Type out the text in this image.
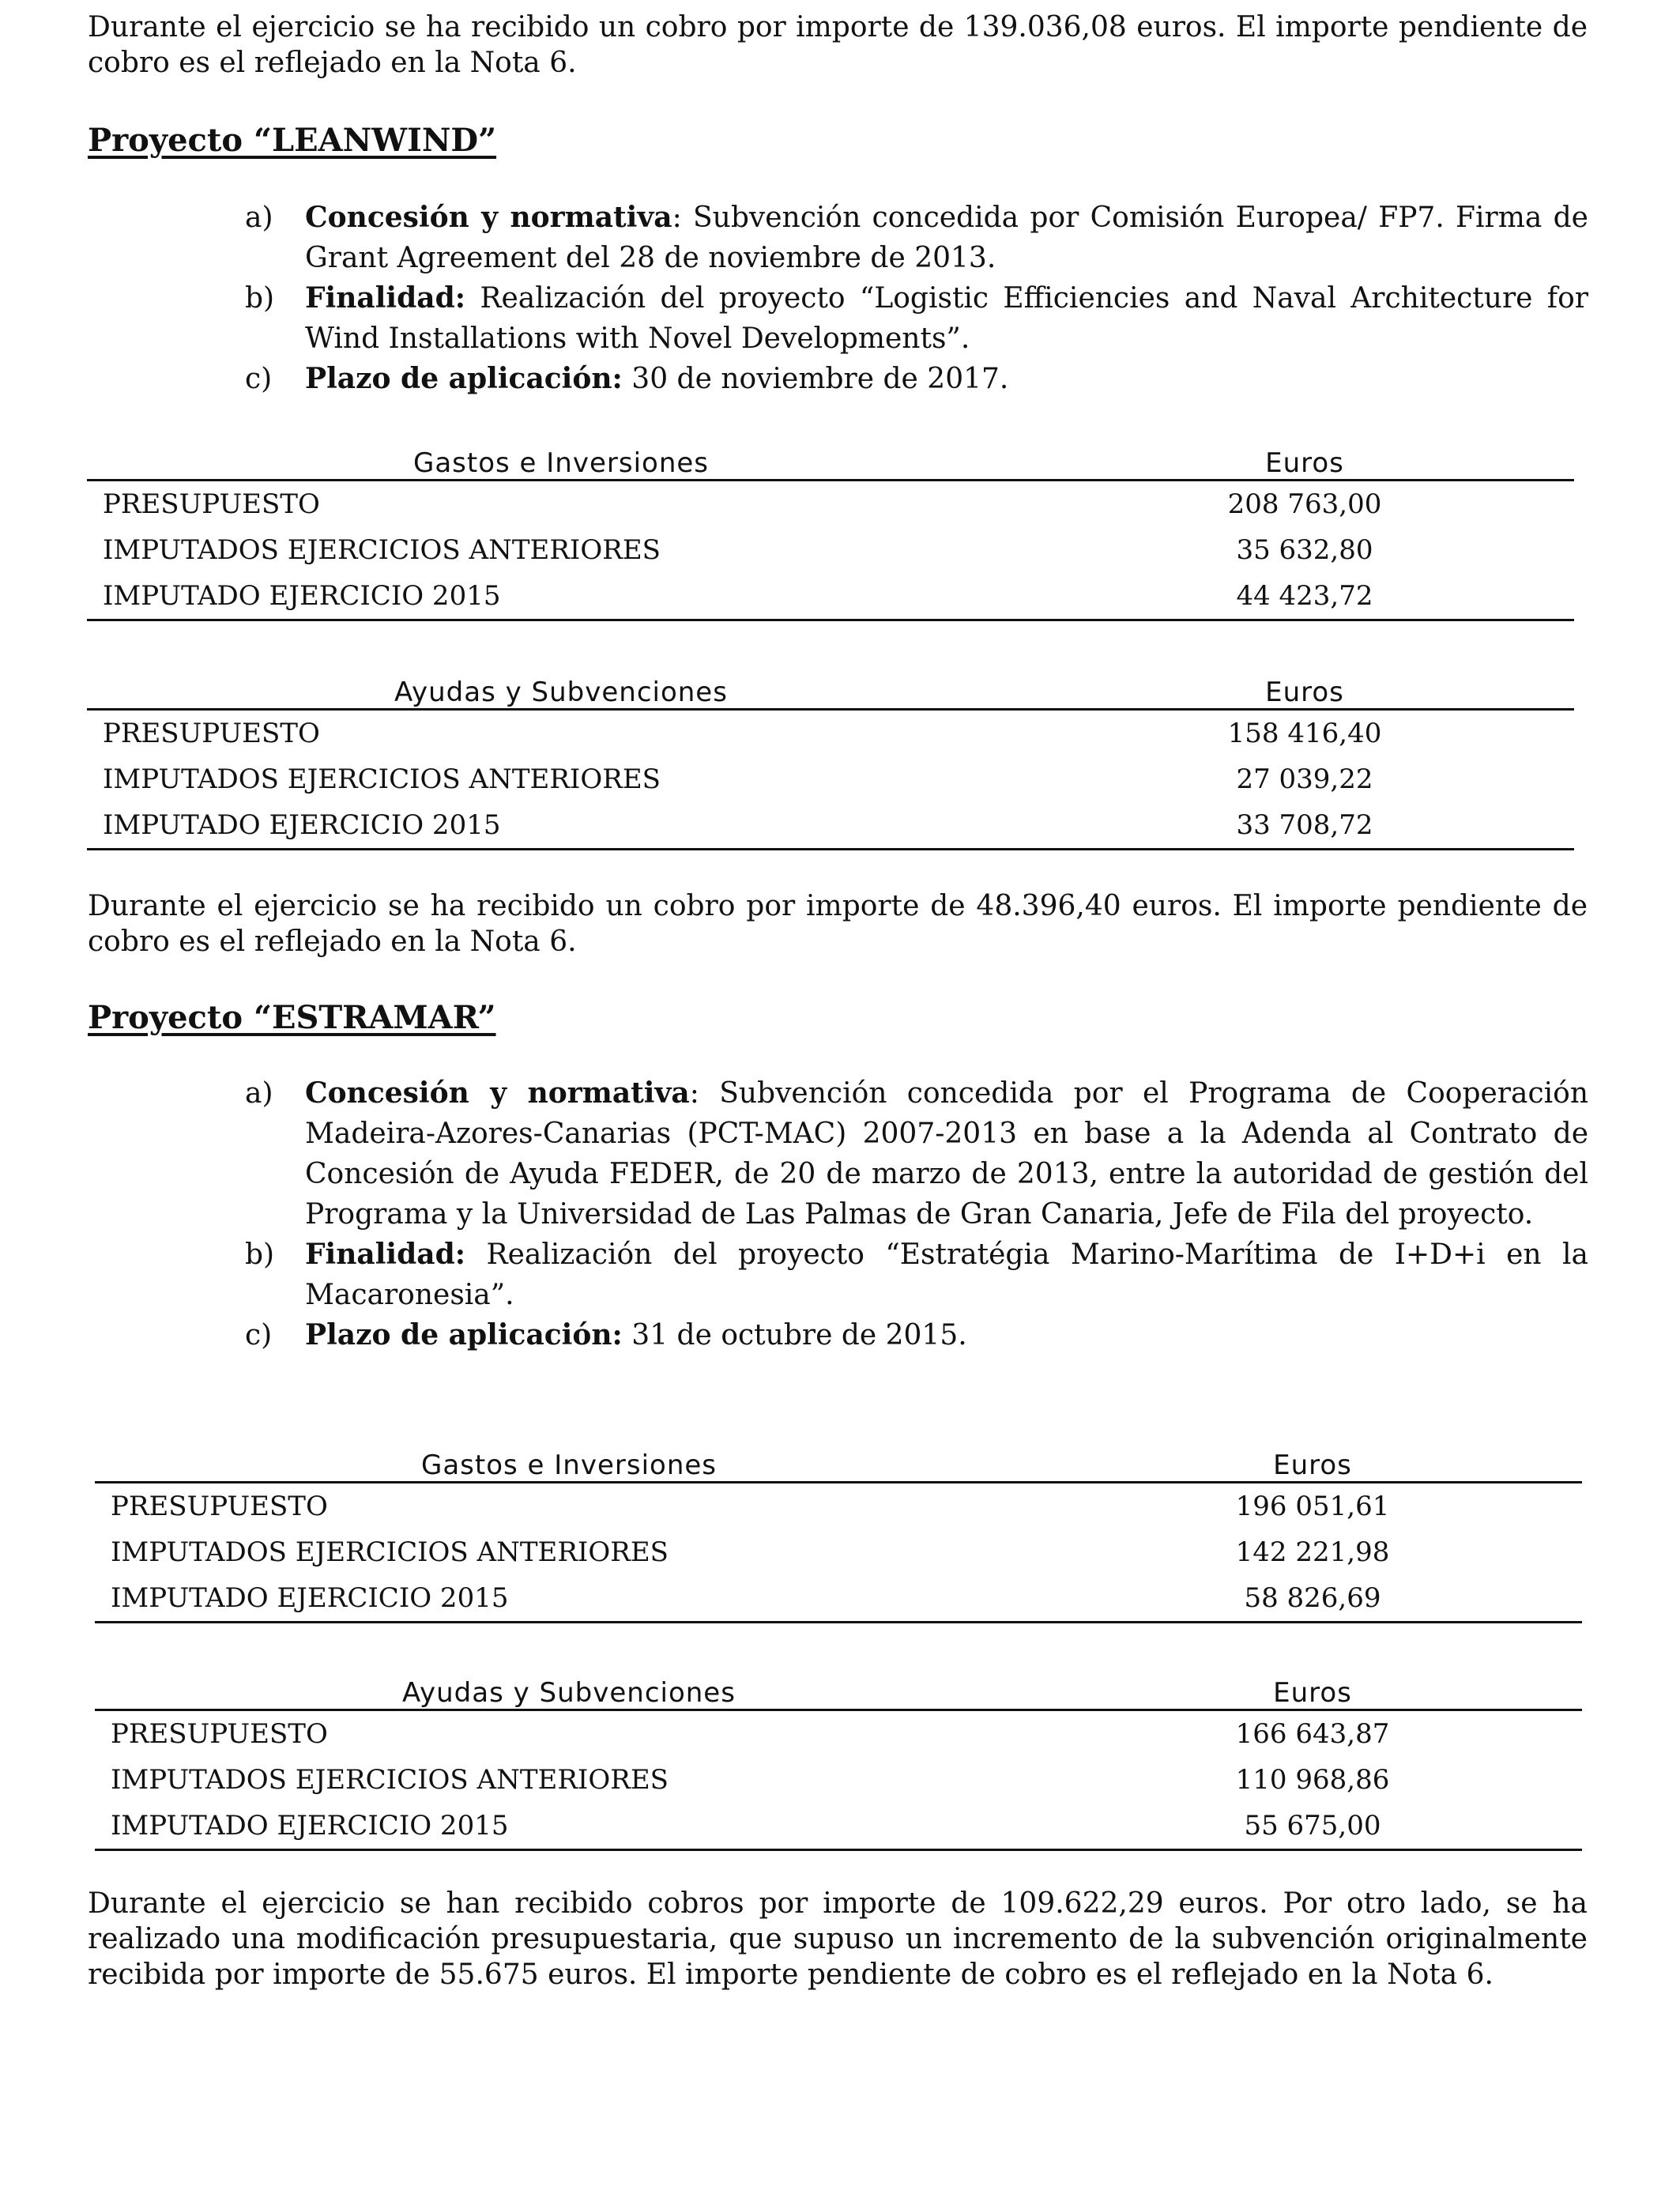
Durante el ejercicio se ha recibido un cobro por importe de 139.036,08 euros. El importe pendiente de cobro es el reflejado en la Nota 6.

Proyecto “LEANWIND”
a) Concesión y normativa: Subvención concedida por Comisión Europea/ FP7. Firma de Grant Agreement del 28 de noviembre de 2013.
b) Finalidad: Realización del proyecto “Logistic Efficiencies and Naval Architecture for Wind Installations with Novel Developments”.
c) Plazo de aplicación: 30 de noviembre de 2017.
Gastos e Inversiones	Euros
PRESUPUESTO	208 763,00
IMPUTADOS EJERCICIOS ANTERIORES	35 632,80
IMPUTADO EJERCICIO 2015	44 423,72
Ayudas y Subvenciones	Euros
PRESUPUESTO	158 416,40
IMPUTADOS EJERCICIOS ANTERIORES	27 039,22
IMPUTADO EJERCICIO 2015	33 708,72

Durante el ejercicio se ha recibido un cobro por importe de 48.396,40 euros. El importe pendiente de cobro es el reflejado en la Nota 6.

Proyecto “ESTRAMAR”
a) Concesión y normativa: Subvención concedida por el Programa de Cooperación Madeira-Azores-Canarias (PCT-MAC) 2007-2013 en base a la Adenda al Contrato de Concesión de Ayuda FEDER, de 20 de marzo de 2013, entre la autoridad de gestión del Programa y la Universidad de Las Palmas de Gran Canaria, Jefe de Fila del proyecto.
b) Finalidad: Realización del proyecto “Estratégia Marino-Marítima de I+D+i en la Macaronesia”.
c) Plazo de aplicación: 31 de octubre de 2015.
Gastos e Inversiones	Euros
PRESUPUESTO	196 051,61
IMPUTADOS EJERCICIOS ANTERIORES	142 221,98
IMPUTADO EJERCICIO 2015	58 826,69
Ayudas y Subvenciones	Euros
PRESUPUESTO	166 643,87
IMPUTADOS EJERCICIOS ANTERIORES	110 968,86
IMPUTADO EJERCICIO 2015	55 675,00

Durante el ejercicio se han recibido cobros por importe de 109.622,29 euros. Por otro lado, se ha realizado una modificación presupuestaria, que supuso un incremento de la subvención originalmente recibida por importe de 55.675 euros. El importe pendiente de cobro es el reflejado en la Nota 6.
